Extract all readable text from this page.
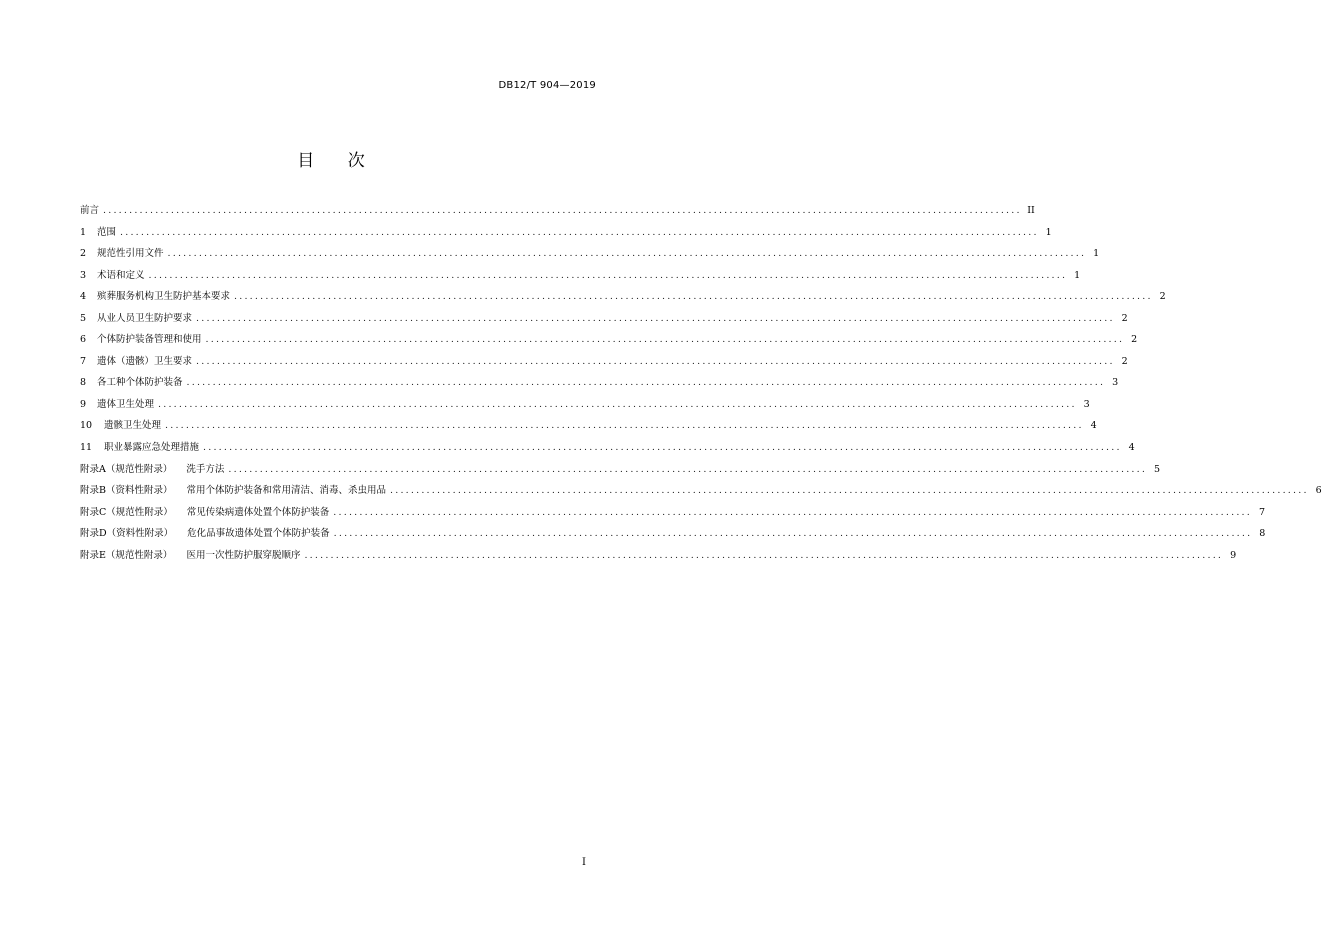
DB12/T 904—2019
目 次
前言 ................................................................................................................................................................................ II
1 范围 ................................................................................................................................................................................ 1
2 规范性引用文件 ................................................................................................................................................................................ 1
3 术语和定义 ................................................................................................................................................................................ 1
4 殡葬服务机构卫生防护基本要求 ................................................................................................................................................................................ 2
5 从业人员卫生防护要求 ................................................................................................................................................................................ 2
6 个体防护装备管理和使用 ................................................................................................................................................................................ 2
7 遗体（遗骸）卫生要求 ................................................................................................................................................................................ 2
8 各工种个体防护装备 ................................................................................................................................................................................ 3
9 遗体卫生处理 ................................................................................................................................................................................ 3
10 遗骸卫生处理 ................................................................................................................................................................................ 4
11 职业暴露应急处理措施 ................................................................................................................................................................................ 4
附录A（规范性附录） 洗手方法 ................................................................................................................................................................................ 5
附录B（资料性附录） 常用个体防护装备和常用清洁、消毒、杀虫用品 ................................................................................................................................................................................ 6
附录C（规范性附录） 常见传染病遗体处置个体防护装备 ................................................................................................................................................................................ 7
附录D（资料性附录） 危化品事故遗体处置个体防护装备 ................................................................................................................................................................................ 8
附录E（规范性附录） 医用一次性防护服穿脱顺序 ................................................................................................................................................................................ 9
I
